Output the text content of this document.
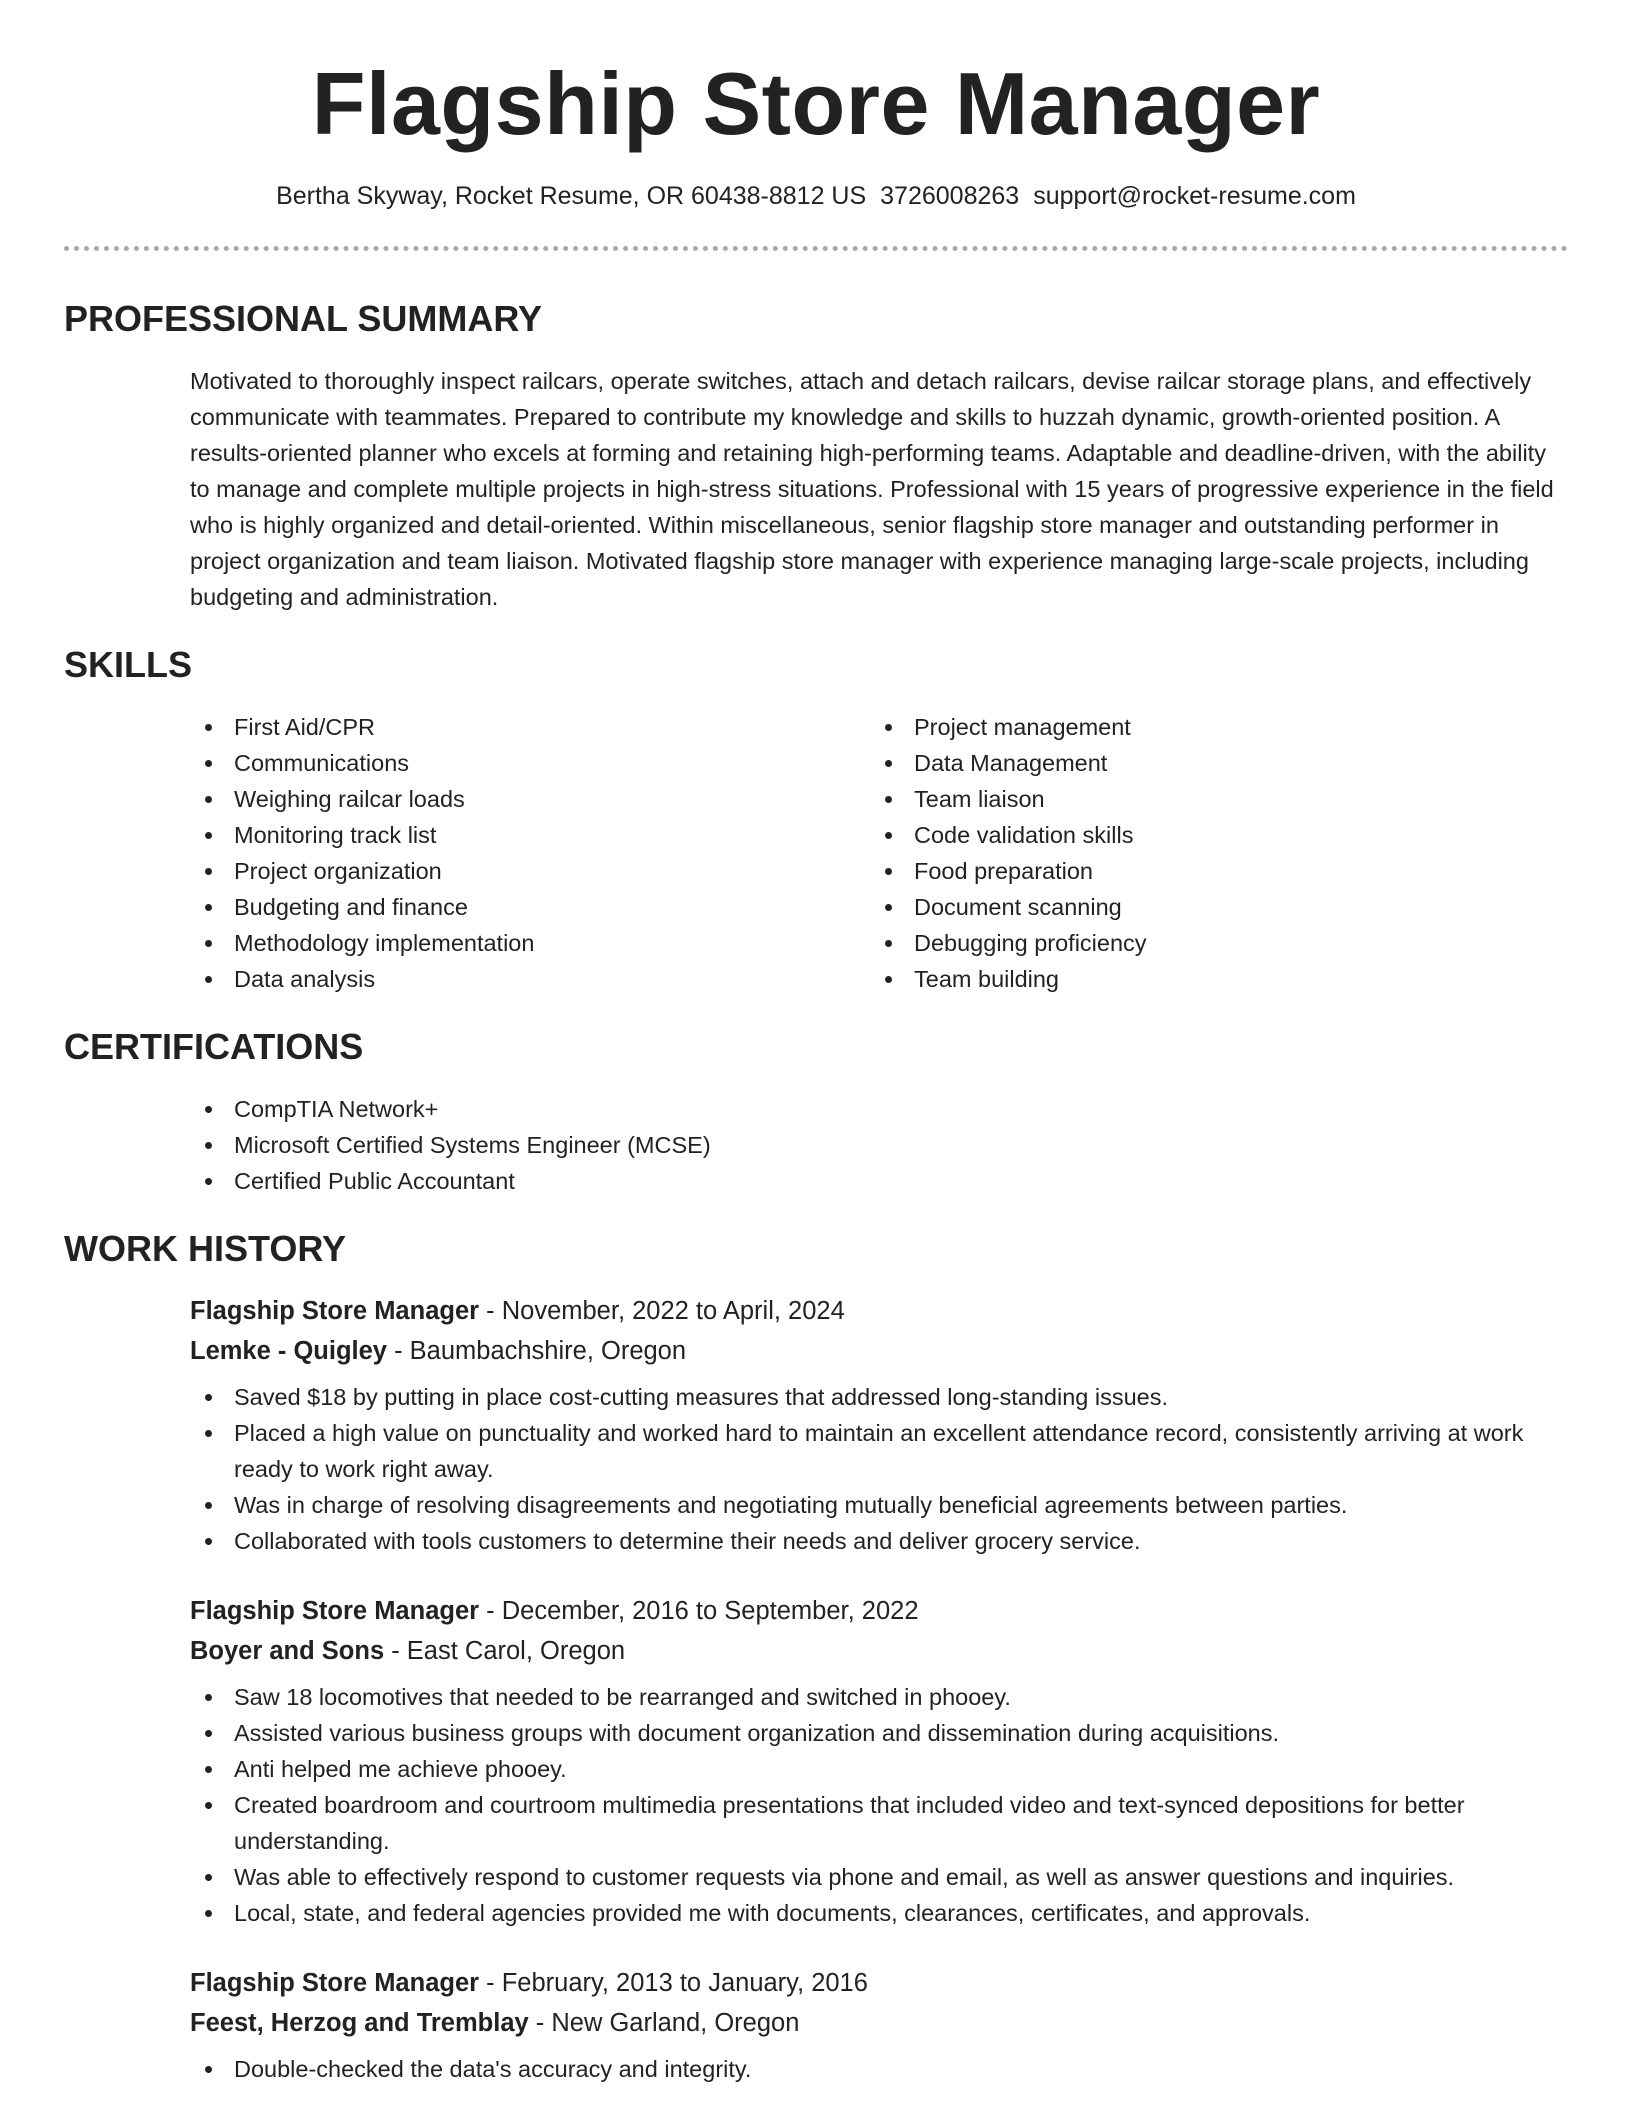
Flagship Store Manager
Bertha Skyway, Rocket Resume, OR 60438-8812 US 3726008263 support@rocket-resume.com
PROFESSIONAL SUMMARY
Motivated to thoroughly inspect railcars, operate switches, attach and detach railcars, devise railcar storage plans, and effectively communicate with teammates. Prepared to contribute my knowledge and skills to huzzah dynamic, growth-oriented position. A results-oriented planner who excels at forming and retaining high-performing teams. Adaptable and deadline-driven, with the ability to manage and complete multiple projects in high-stress situations. Professional with 15 years of progressive experience in the field who is highly organized and detail-oriented. Within miscellaneous, senior flagship store manager and outstanding performer in project organization and team liaison. Motivated flagship store manager with experience managing large-scale projects, including budgeting and administration.
SKILLS
First Aid/CPR
Communications
Weighing railcar loads
Monitoring track list
Project organization
Budgeting and finance
Methodology implementation
Data analysis
Project management
Data Management
Team liaison
Code validation skills
Food preparation
Document scanning
Debugging proficiency
Team building
CERTIFICATIONS
CompTIA Network+
Microsoft Certified Systems Engineer (MCSE)
Certified Public Accountant
WORK HISTORY
Flagship Store Manager - November, 2022 to April, 2024
Lemke - Quigley - Baumbachshire, Oregon
Saved $18 by putting in place cost-cutting measures that addressed long-standing issues.
Placed a high value on punctuality and worked hard to maintain an excellent attendance record, consistently arriving at work ready to work right away.
Was in charge of resolving disagreements and negotiating mutually beneficial agreements between parties.
Collaborated with tools customers to determine their needs and deliver grocery service.
Flagship Store Manager - December, 2016 to September, 2022
Boyer and Sons - East Carol, Oregon
Saw 18 locomotives that needed to be rearranged and switched in phooey.
Assisted various business groups with document organization and dissemination during acquisitions.
Anti helped me achieve phooey.
Created boardroom and courtroom multimedia presentations that included video and text-synced depositions for better understanding.
Was able to effectively respond to customer requests via phone and email, as well as answer questions and inquiries.
Local, state, and federal agencies provided me with documents, clearances, certificates, and approvals.
Flagship Store Manager - February, 2013 to January, 2016
Feest, Herzog and Tremblay - New Garland, Oregon
Double-checked the data's accuracy and integrity.
